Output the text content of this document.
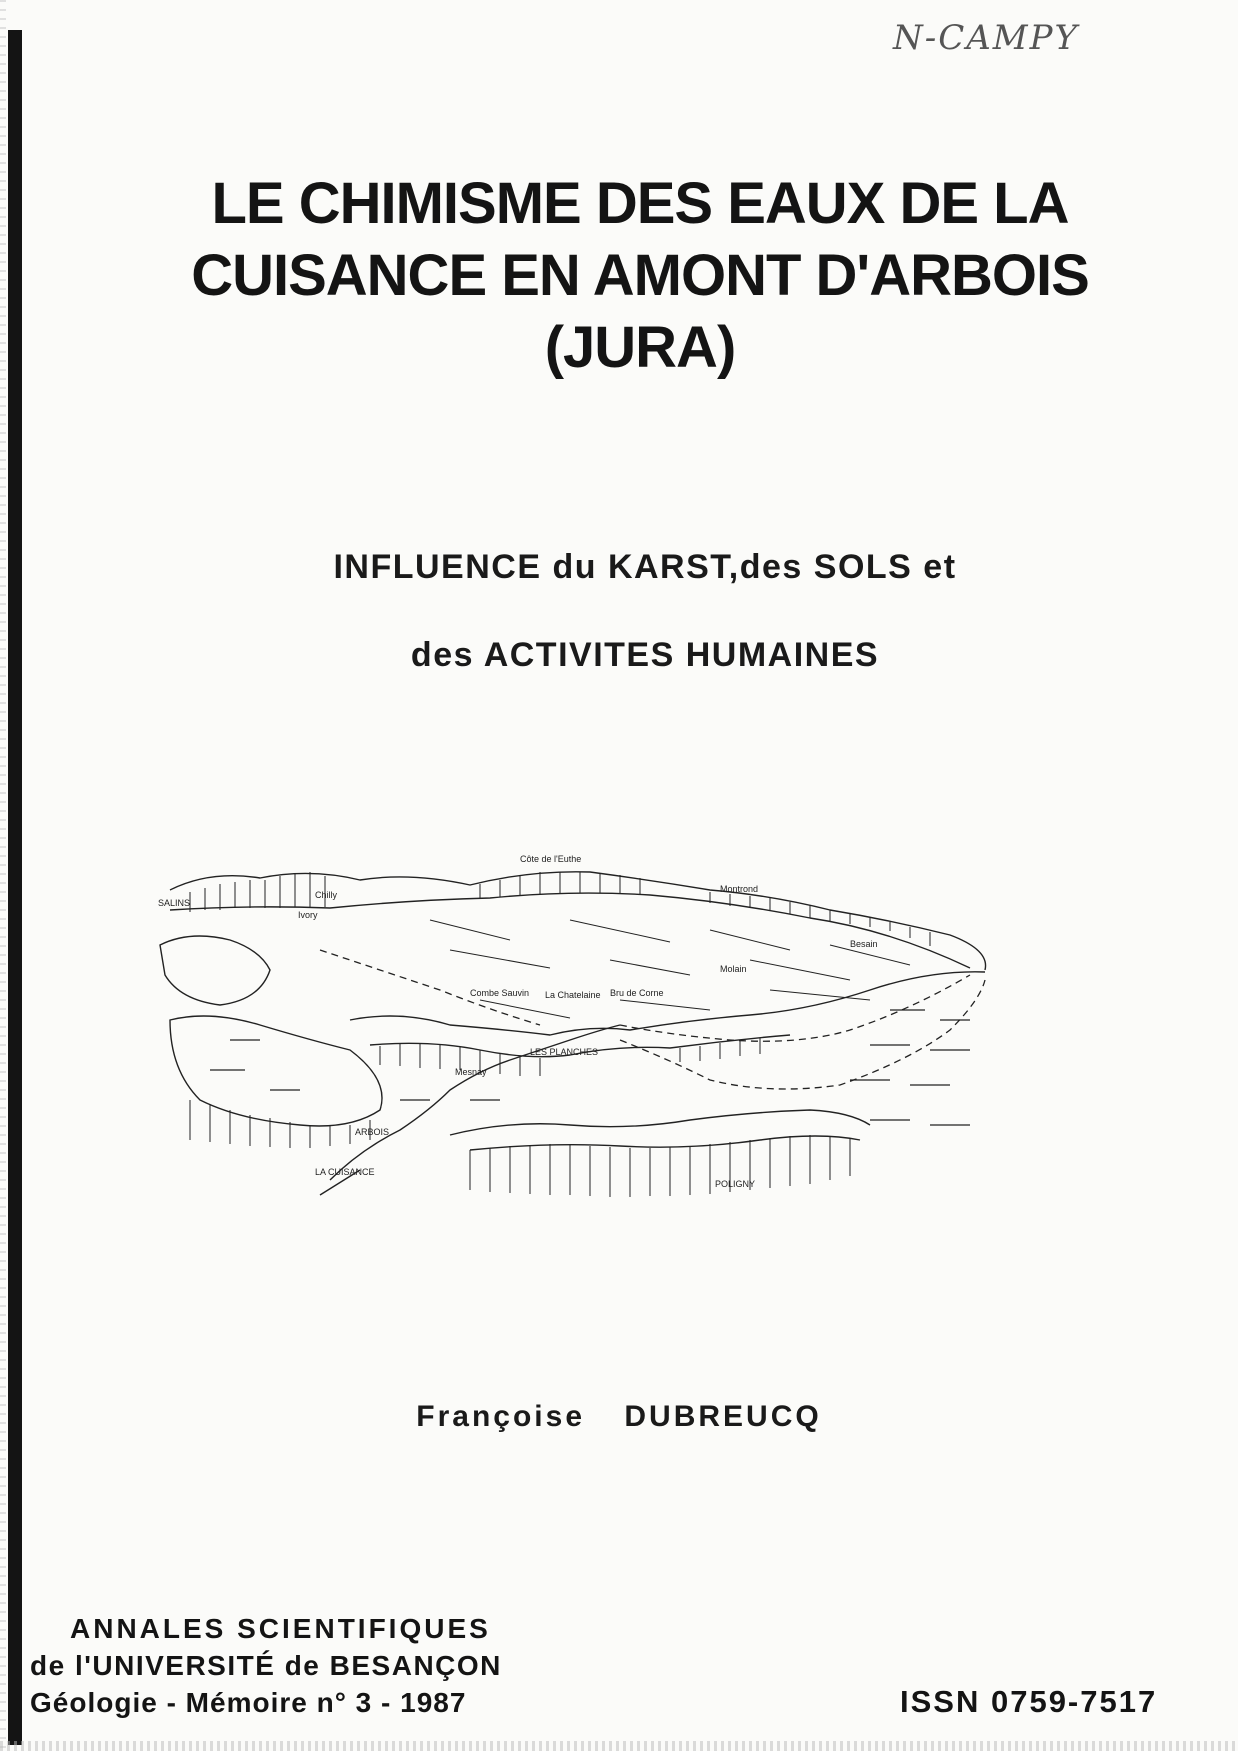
N-CAMPY
LE CHIMISME DES EAUX DE LA
CUISANCE EN AMONT D'ARBOIS
(JURA)
INFLUENCE du KARST,des SOLS et
des ACTIVITES HUMAINES
SALINS
Chilly
Ivory
Côte de l'Euthe
Montrond
Besain
Molain
Combe Sauvin La Chatelaine Bru de Corne
LES PLANCHES
Mesnay
ARBOIS
LA CUISANCE
POLIGNY
Françoise DUBREUCQ
ANNALES SCIENTIFIQUES
de l'UNIVERSITÉ de BESANÇON
Géologie - Mémoire n° 3 - 1987	ISSN 0759-7517
